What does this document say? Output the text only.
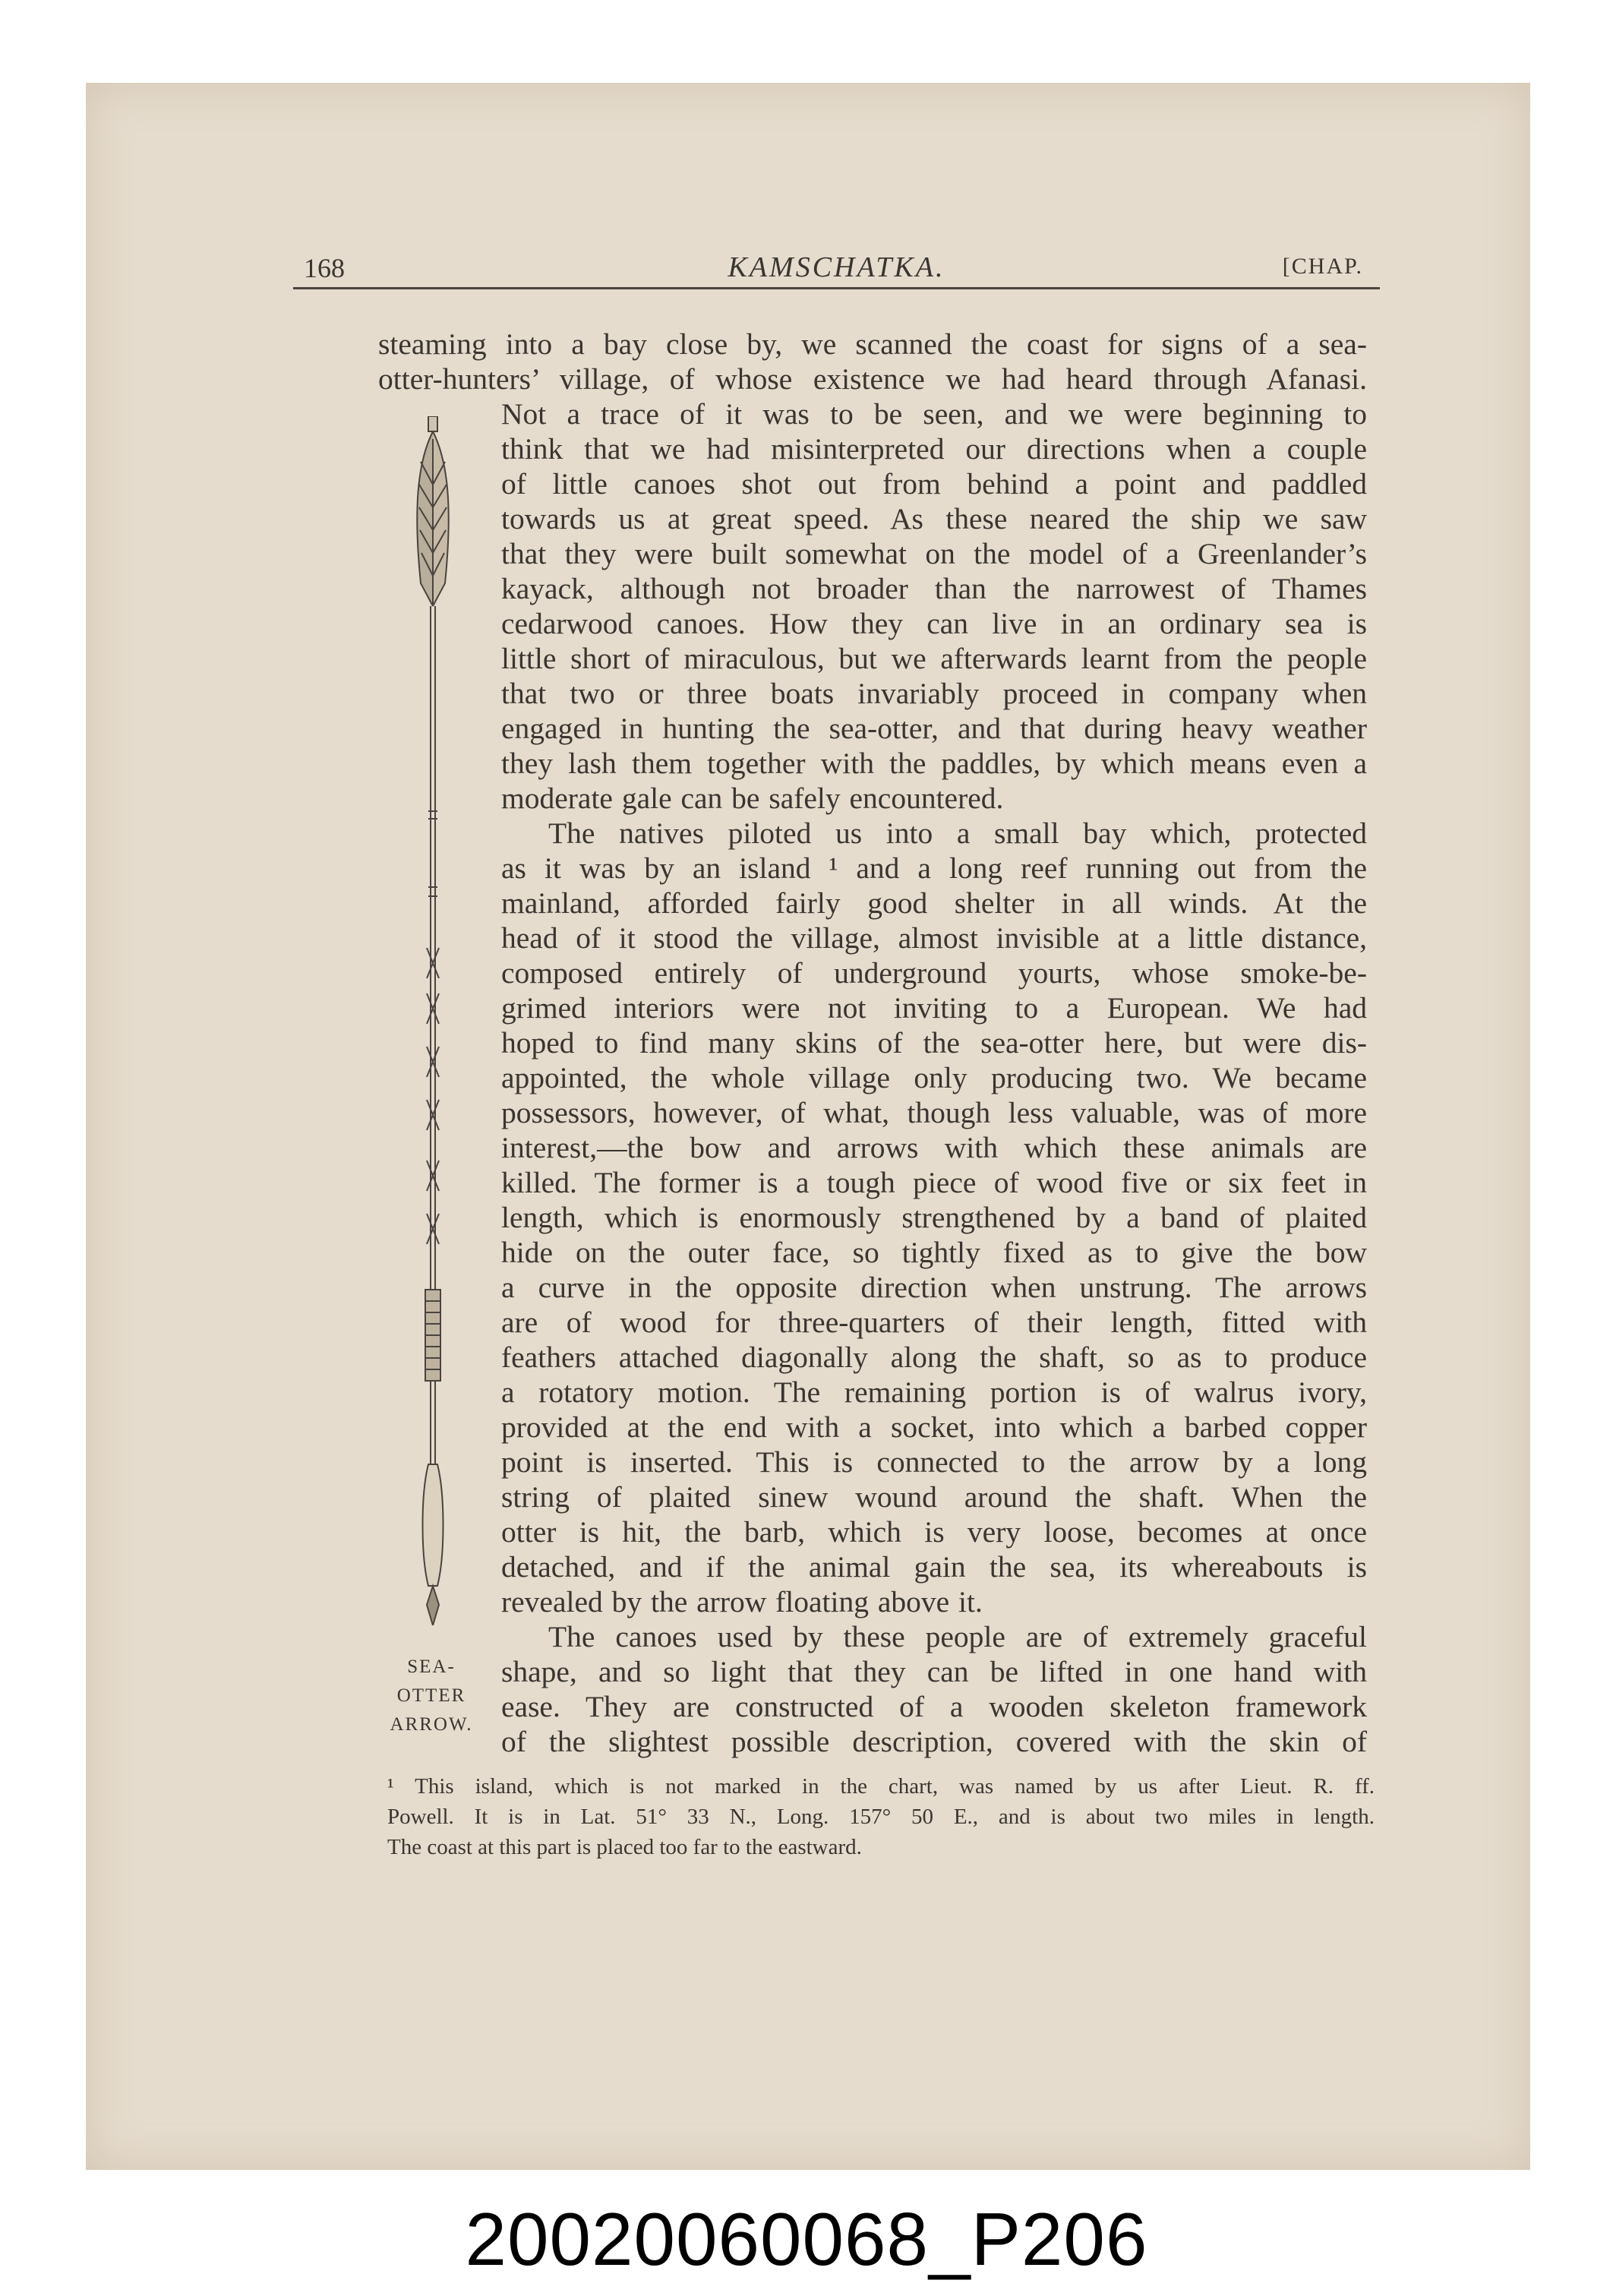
168	KAMSCHATKA.	[CHAP.
steaming into a bay close by, we scanned the coast for signs of a sea-
otter-hunters’ village, of whose existence we had heard through Afanasi.
Not a trace of it was to be seen, and we were beginning to
think that we had misinterpreted our directions when a couple
of little canoes shot out from behind a point and paddled
towards us at great speed. As these neared the ship we saw
that they were built somewhat on the model of a Greenlander’s
kayack, although not broader than the narrowest of Thames
cedarwood canoes. How they can live in an ordinary sea is
little short of miraculous, but we afterwards learnt from the people
that two or three boats invariably proceed in company when
engaged in hunting the sea-otter, and that during heavy weather
they lash them together with the paddles, by which means even a
moderate gale can be safely encountered.
The natives piloted us into a small bay which, protected
as it was by an island ¹ and a long reef running out from the
mainland, afforded fairly good shelter in all winds. At the
head of it stood the village, almost invisible at a little distance,
composed entirely of underground yourts, whose smoke-be-
grimed interiors were not inviting to a European. We had
hoped to find many skins of the sea-otter here, but were dis-
appointed, the whole village only producing two. We became
possessors, however, of what, though less valuable, was of more
interest,—the bow and arrows with which these animals are
killed. The former is a tough piece of wood five or six feet in
length, which is enormously strengthened by a band of plaited
hide on the outer face, so tightly fixed as to give the bow
a curve in the opposite direction when unstrung. The arrows
are of wood for three-quarters of their length, fitted with
feathers attached diagonally along the shaft, so as to produce
a rotatory motion. The remaining portion is of walrus ivory,
provided at the end with a socket, into which a barbed copper
point is inserted. This is connected to the arrow by a long
string of plaited sinew wound around the shaft. When the
otter is hit, the barb, which is very loose, becomes at once
detached, and if the animal gain the sea, its whereabouts is
revealed by the arrow floating above it.
The canoes used by these people are of extremely graceful
shape, and so light that they can be lifted in one hand with
ease. They are constructed of a wooden skeleton framework
of the slightest possible description, covered with the skin of
SEA-
OTTER
ARROW.
¹ This island, which is not marked in the chart, was named by us after Lieut. R. ff.
Powell. It is in Lat. 51° 33 N., Long. 157° 50 E., and is about two miles in length.
The coast at this part is placed too far to the eastward.
20020060068_P206
